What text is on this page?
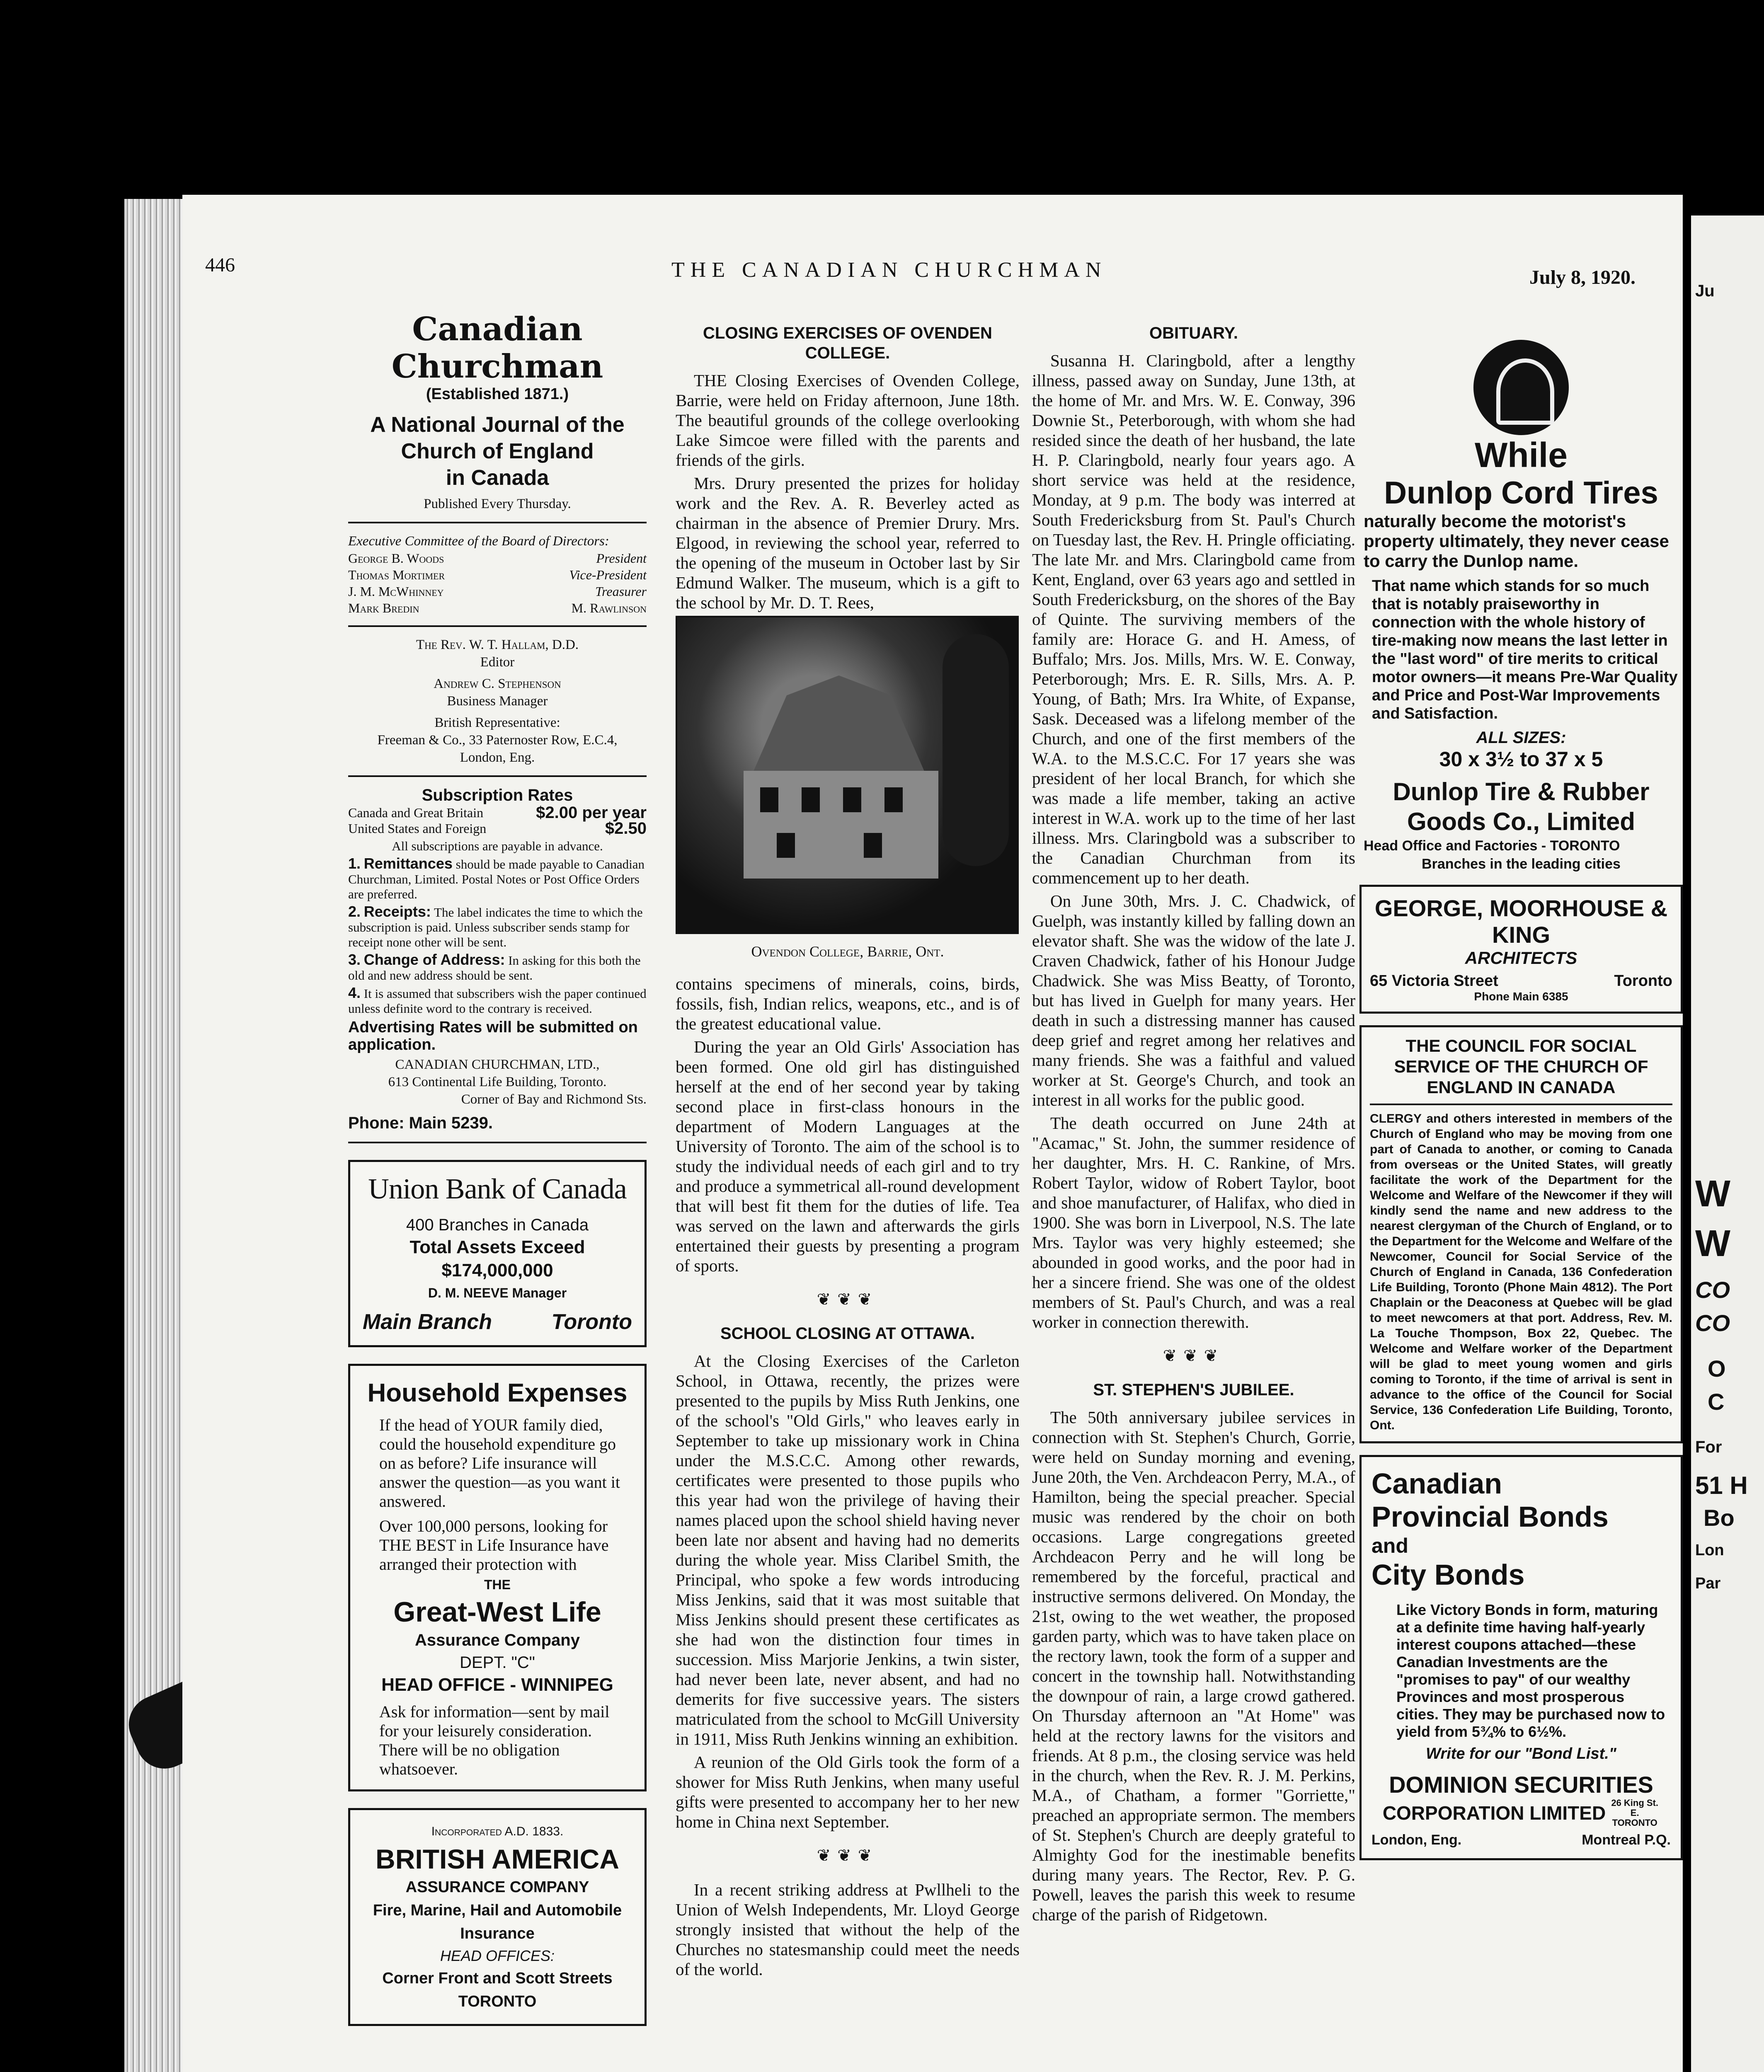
446	THE CANADIAN CHURCHMAN	July 8, 1920.
Canadian Churchman
(Established 1871.)
A National Journal of the
Church of England
in Canada
Published Every Thursday.
Executive Committee of the Board of Directors:
George B. Woods	President
Thomas Mortimer	Vice-President
J. M. McWhinney	Treasurer
Mark Bredin	M. Rawlinson
The Rev. W. T. Hallam, D.D.
Editor
Andrew C. Stephenson
Business Manager
British Representative:
Freeman & Co., 33 Paternoster Row, E.C.4,
London, Eng.
Subscription Rates
Canada and Great Britain	$2.00 per year
United States and Foreign	$2.50
All subscriptions are payable in advance.
1. Remittances should be made payable to Canadian Churchman, Limited. Postal Notes or Post Office Orders are preferred.
2. Receipts: The label indicates the time to which the subscription is paid. Unless subscriber sends stamp for receipt none other will be sent.
3. Change of Address: In asking for this both the old and new address should be sent.
4. It is assumed that subscribers wish the paper continued unless definite word to the contrary is received.
Advertising Rates will be submitted on application.
CANADIAN CHURCHMAN, LTD.,
613 Continental Life Building, Toronto.
Corner of Bay and Richmond Sts.
Phone: Main 5239.
Union Bank of Canada
400 Branches in Canada
Total Assets Exceed $174,000,000
D. M. NEEVE Manager
Main Branch	Toronto
Household Expenses
If the head of YOUR family died, could the household expenditure go on as before? Life insurance will answer the question—as you want it answered.
Over 100,000 persons, looking for THE BEST in Life Insurance have arranged their protection with
THE
Great-West Life
Assurance Company
DEPT. "C"
HEAD OFFICE - WINNIPEG
Ask for information—sent by mail for your leisurely consideration. There will be no obligation whatsoever.
Incorporated A.D. 1833.
BRITISH AMERICA
ASSURANCE COMPANY
Fire, Marine, Hail and Automobile Insurance
HEAD OFFICES:
Corner Front and Scott Streets
TORONTO
CLOSING EXERCISES OF OVENDEN COLLEGE.

THE Closing Exercises of Ovenden College, Barrie, were held on Friday afternoon, June 18th. The beautiful grounds of the college overlooking Lake Simcoe were filled with the parents and friends of the girls.

Mrs. Drury presented the prizes for holiday work and the Rev. A. R. Beverley acted as chairman in the absence of Premier Drury. Mrs. Elgood, in reviewing the school year, referred to the opening of the museum in October last by Sir Edmund Walker. The museum, which is a gift to the school by Mr. D. T. Rees,

Ovendon College, Barrie, Ont.

contains specimens of minerals, coins, birds, fossils, fish, Indian relics, weapons, etc., and is of the greatest educational value.

During the year an Old Girls' Association has been formed. One old girl has distinguished herself at the end of her second year by taking second place in first-class honours in the department of Modern Languages at the University of Toronto. The aim of the school is to study the individual needs of each girl and to try and produce a symmetrical all-round development that will best fit them for the duties of life. Tea was served on the lawn and afterwards the girls entertained their guests by presenting a program of sports.

❦❦❦
SCHOOL CLOSING AT OTTAWA.

At the Closing Exercises of the Carleton School, in Ottawa, recently, the prizes were presented to the pupils by Miss Ruth Jenkins, one of the school's "Old Girls," who leaves early in September to take up missionary work in China under the M.S.C.C. Among other rewards, certificates were presented to those pupils who this year had won the privilege of having their names placed upon the school shield having never been late nor absent and having had no demerits during the whole year. Miss Claribel Smith, the Principal, who spoke a few words introducing Miss Jenkins, said that it was most suitable that Miss Jenkins should present these certificates as she had won the distinction four times in succession. Miss Marjorie Jenkins, a twin sister, had never been late, never absent, and had no demerits for five successive years. The sisters matriculated from the school to McGill University in 1911, Miss Ruth Jenkins winning an exhibition.

A reunion of the Old Girls took the form of a shower for Miss Ruth Jenkins, when many useful gifts were presented to accompany her to her new home in China next September.

❦❦❦

In a recent striking address at Pwllheli to the Union of Welsh Independents, Mr. Lloyd George strongly insisted that without the help of the Churches no statesmanship could meet the needs of the world.

OBITUARY.

Susanna H. Claringbold, after a lengthy illness, passed away on Sunday, June 13th, at the home of Mr. and Mrs. W. E. Conway, 396 Downie St., Peterborough, with whom she had resided since the death of her husband, the late H. P. Claringbold, nearly four years ago. A short service was held at the residence, Monday, at 9 p.m. The body was interred at South Fredericksburg from St. Paul's Church on Tuesday last, the Rev. H. Pringle officiating. The late Mr. and Mrs. Claringbold came from Kent, England, over 63 years ago and settled in South Fredericksburg, on the shores of the Bay of Quinte. The surviving members of the family are: Horace G. and H. Amess, of Buffalo; Mrs. Jos. Mills, Mrs. W. E. Conway, Peterborough; Mrs. E. R. Sills, Mrs. A. P. Young, of Bath; Mrs. Ira White, of Expanse, Sask. Deceased was a lifelong member of the Church, and one of the first members of the W.A. to the M.S.C.C. For 17 years she was president of her local Branch, for which she was made a life member, taking an active interest in W.A. work up to the time of her last illness. Mrs. Claringbold was a subscriber to the Canadian Churchman from its commencement up to her death.

On June 30th, Mrs. J. C. Chadwick, of Guelph, was instantly killed by falling down an elevator shaft. She was the widow of the late J. Craven Chadwick, father of his Honour Judge Chadwick. She was Miss Beatty, of Toronto, but has lived in Guelph for many years. Her death in such a distressing manner has caused deep grief and regret among her relatives and many friends. She was a faithful and valued worker at St. George's Church, and took an interest in all works for the public good.

The death occurred on June 24th at "Acamac," St. John, the summer residence of her daughter, Mrs. H. C. Rankine, of Mrs. Robert Taylor, widow of Robert Taylor, boot and shoe manufacturer, of Halifax, who died in 1900. She was born in Liverpool, N.S. The late Mrs. Taylor was very highly esteemed; she abounded in good works, and the poor had in her a sincere friend. She was one of the oldest members of St. Paul's Church, and was a real worker in connection therewith.

❦❦❦
ST. STEPHEN'S JUBILEE.

The 50th anniversary jubilee services in connection with St. Stephen's Church, Gorrie, were held on Sunday morning and evening, June 20th, the Ven. Archdeacon Perry, M.A., of Hamilton, being the special preacher. Special music was rendered by the choir on both occasions. Large congregations greeted Archdeacon Perry and he will long be remembered by the forceful, practical and instructive sermons delivered. On Monday, the 21st, owing to the wet weather, the proposed garden party, which was to have taken place on the rectory lawn, took the form of a supper and concert in the township hall. Notwithstanding the downpour of rain, a large crowd gathered. On Thursday afternoon an "At Home" was held at the rectory lawns for the visitors and friends. At 8 p.m., the closing service was held in the church, when the Rev. R. J. M. Perkins, M.A., of Chatham, a former "Gorriette," preached an appropriate sermon. The members of St. Stephen's Church are deeply grateful to Almighty God for the inestimable benefits during many years. The Rector, Rev. P. G. Powell, leaves the parish this week to resume charge of the parish of Ridgetown.

While
Dunlop Cord Tires
naturally become the motorist's property ultimately, they never cease to carry the Dunlop name.
That name which stands for so much that is notably praiseworthy in connection with the whole history of tire-making now means the last letter in the "last word" of tire merits to critical motor owners—it means Pre-War Quality and Price and Post-War Improvements and Satisfaction.
ALL SIZES:
30 x 3½ to 37 x 5
Dunlop Tire & Rubber Goods Co., Limited
Head Office and Factories - TORONTO
Branches in the leading cities
GEORGE, MOORHOUSE & KING
ARCHITECTS
65 Victoria Street	Toronto
Phone Main 6385
THE COUNCIL FOR SOCIAL SERVICE OF THE CHURCH OF ENGLAND IN CANADA
CLERGY and others interested in members of the Church of England who may be moving from one part of Canada to another, or coming to Canada from overseas or the United States, will greatly facilitate the work of the Department for the Welcome and Welfare of the Newcomer if they will kindly send the name and new address to the nearest clergyman of the Church of England, or to the Department for the Welcome and Welfare of the Newcomer, Council for Social Service of the Church of England in Canada, 136 Confederation Life Building, Toronto (Phone Main 4812). The Port Chaplain or the Deaconess at Quebec will be glad to meet newcomers at that port. Address, Rev. M. La Touche Thompson, Box 22, Quebec. The Welcome and Welfare worker of the Department will be glad to meet young women and girls coming to Toronto, if the time of arrival is sent in advance to the office of the Council for Social Service, 136 Confederation Life Building, Toronto, Ont.
Canadian
Provincial Bonds
and
City Bonds
Like Victory Bonds in form, maturing at a definite time having half-yearly interest coupons attached—these Canadian Investments are the "promises to pay" of our wealthy Provinces and most prosperous cities. They may be purchased now to yield from 5¾% to 6½%.
Write for our "Bond List."
DOMINION SECURITIES
CORPORATION LIMITED 26 King St. E. TORONTO
London, Eng.	Montreal P.Q.
Ju
W
W
CO
CO
O
C
For
51 H
Bo
Lon
Par
